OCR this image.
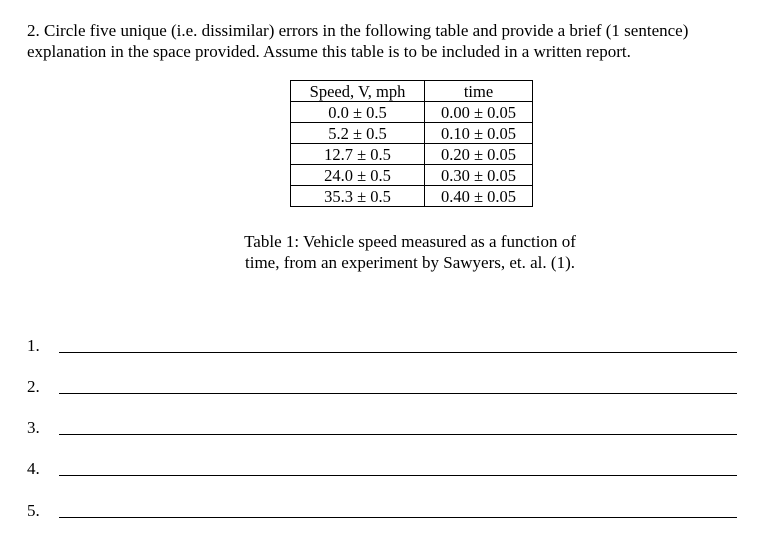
2. Circle five unique (i.e. dissimilar) errors in the following table and provide a brief (1 sentence)
explanation in the space provided. Assume this table is to be included in a written report.
Speed, V, mph	time
0.0 ± 0.5	0.00 ± 0.05
5.2 ± 0.5	0.10 ± 0.05
12.7 ± 0.5	0.20 ± 0.05
24.0 ± 0.5	0.30 ± 0.05
35.3 ± 0.5	0.40 ± 0.05
Table 1: Vehicle speed measured as a function of
time, from an experiment by Sawyers, et. al. (1).
1.
2.
3.
4.
5.
